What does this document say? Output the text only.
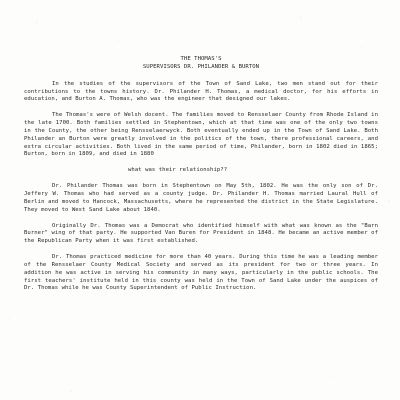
THE THOMAS'S
SUPERVISORS DR. PHILANDER & BURTON

In the studies of the supervisors of the Town of Sand Lake, two men stand out for their contributions to the towns history. Dr. Philander H. Thomas, a medical doctor, for his efforts in education, and Burton A. Thomas, who was the engineer that designed our lakes.

The Thomas's were of Welsh docent. The families moved to Rensselaer County from Rhode Island in the late 1700. Both families settled in Stephentown, which at that time was one of the only two towns in the County, the other being Rensselaerwyck. Both eventually ended up in the Town of Sand Lake. Both Philander an Burton were greatly involved in the politics of the town, there professional careers, and extra circular activities. Both lived in the same period of time, Philander, born in 1802 died in 1865; Burton, born in 1809, and died in 1880

what was their relationship??

Dr. Philander Thomas was born in Stephentown on May 5th, 1802. He was the only son of Dr. Jeffery W. Thomas who had served as a county judge. Dr. Philander H. Thomas married Laural Hull of Berlin and moved to Hancock, Massachusetts, where he represented the district in the State Legislature. They moved to West Sand Lake about 1840.

Originally Dr. Thomas was a Democrat who identified himself with what was known as the "Barn Burner" wing of that party. He supported Van Buren for President in 1848. He became an active member of the Republican Party when it was first established.

Dr. Thomas practiced medicine for more than 40 years. During this time he was a leading member of the Rensselaer County Medical Society and served as its president for two or three years. In addition he was active in serving his community in many ways, particularly in the public schools. The first teachers' institute held in this county was held in the Town of Sand Lake under the auspices of Dr. Thomas while he was County Superintendent of Public Instruction.
